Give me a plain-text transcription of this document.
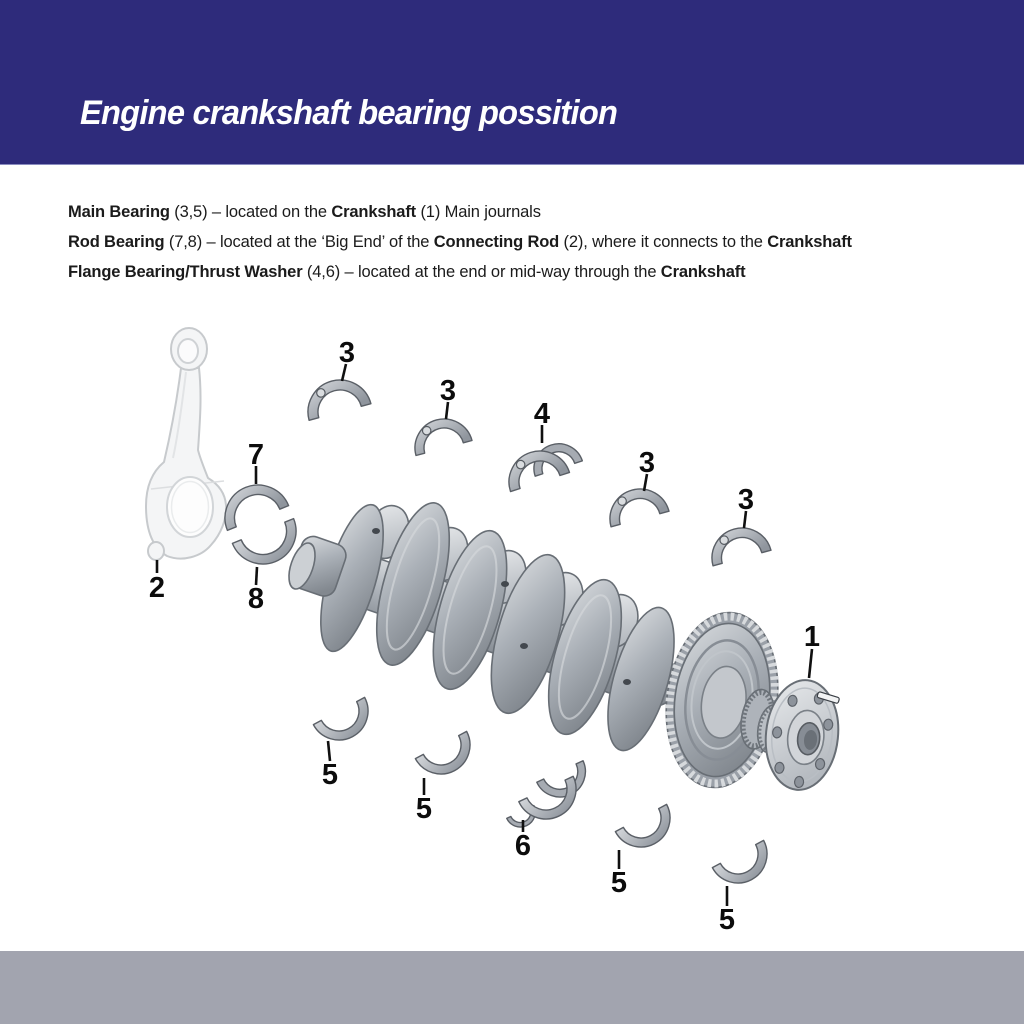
Engine crankshaft bearing possition
Main Bearing (3,5) – located on the Crankshaft (1) Main journals
Rod Bearing (7,8) – located at the ‘Big End’ of the Connecting Rod (2), where it connects to the Crankshaft
Flange Bearing/Thrust Washer (4,6) – located at the end or mid-way through the Crankshaft
1
2
3
3
3
3
4
5
5
5
5
6
7
8
